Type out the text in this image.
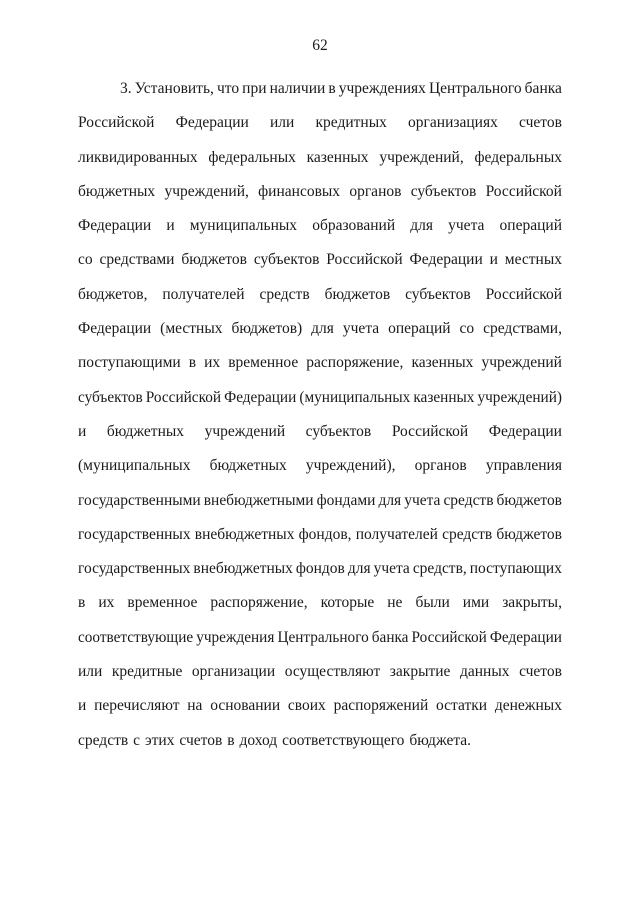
62
3. Установить, что при наличии в учреждениях Центрального банка
Российской Федерации или кредитных организациях счетов
ликвидированных федеральных казенных учреждений, федеральных
бюджетных учреждений, финансовых органов субъектов Российской
Федерации и муниципальных образований для учета операций
со средствами бюджетов субъектов Российской Федерации и местных
бюджетов, получателей средств бюджетов субъектов Российской
Федерации (местных бюджетов) для учета операций со средствами,
поступающими в их временное распоряжение, казенных учреждений
субъектов Российской Федерации (муниципальных казенных учреждений)
и бюджетных учреждений субъектов Российской Федерации
(муниципальных бюджетных учреждений), органов управления
государственными внебюджетными фондами для учета средств бюджетов
государственных внебюджетных фондов, получателей средств бюджетов
государственных внебюджетных фондов для учета средств, поступающих
в их временное распоряжение, которые не были ими закрыты,
соответствующие учреждения Центрального банка Российской Федерации
или кредитные организации осуществляют закрытие данных счетов
и перечисляют на основании своих распоряжений остатки денежных
средств с этих счетов в доход соответствующего бюджета.
